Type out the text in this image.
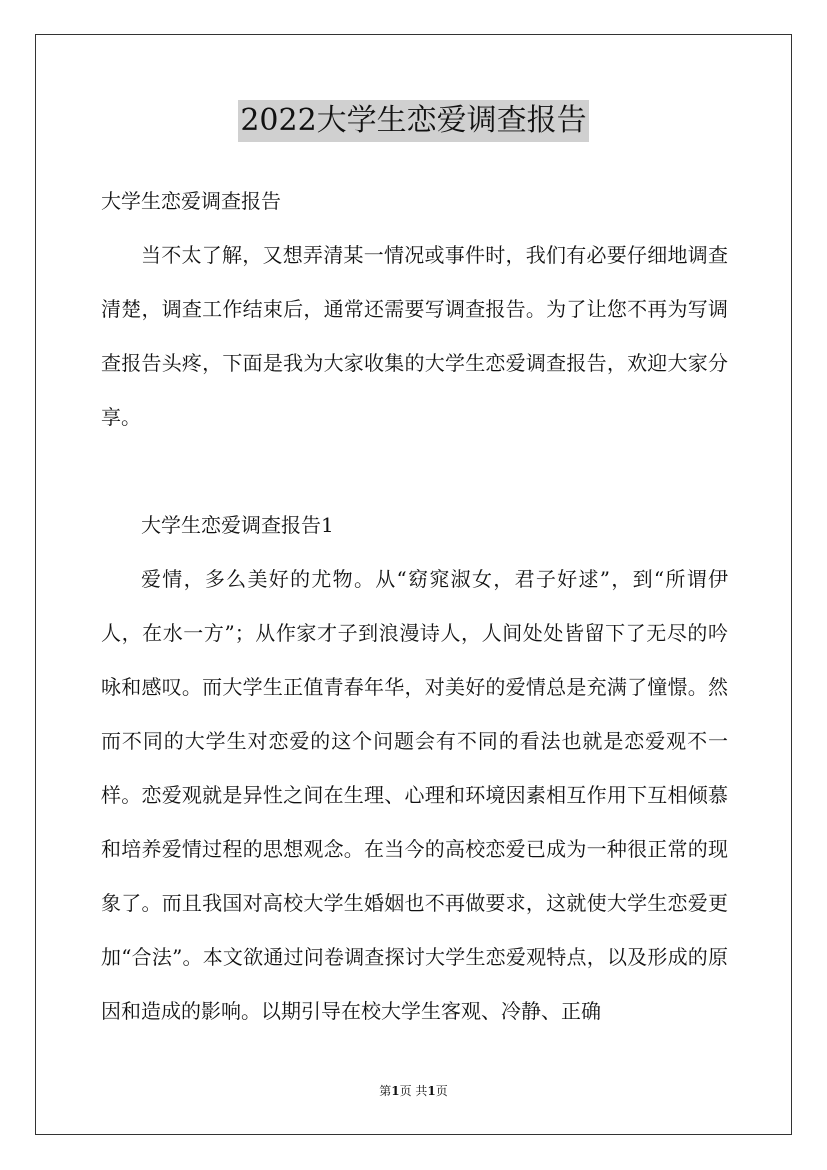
2022大学生恋爱调查报告

大学生恋爱调查报告

当不太了解，又想弄清某一情况或事件时，我们有必要仔细地调查清楚，调查工作结束后，通常还需要写调查报告。为了让您不再为写调查报告头疼，下面是我为大家收集的大学生恋爱调查报告，欢迎大家分享。

大学生恋爱调查报告1

爱情，多么美好的尤物。从“窈窕淑女，君子好逑”，到“所谓伊人，在水一方”；从作家才子到浪漫诗人，人间处处皆留下了无尽的吟咏和感叹。而大学生正值青春年华，对美好的爱情总是充满了憧憬。然而不同的大学生对恋爱的这个问题会有不同的看法也就是恋爱观不一样。恋爱观就是异性之间在生理、心理和环境因素相互作用下互相倾慕和培养爱情过程的思想观念。在当今的高校恋爱已成为一种很正常的现象了。而且我国对高校大学生婚姻也不再做要求，这就使大学生恋爱更加“合法”。本文欲通过问卷调查探讨大学生恋爱观特点，以及形成的原因和造成的影响。以期引导在校大学生客观、冷静、正确

第1页 共1页
